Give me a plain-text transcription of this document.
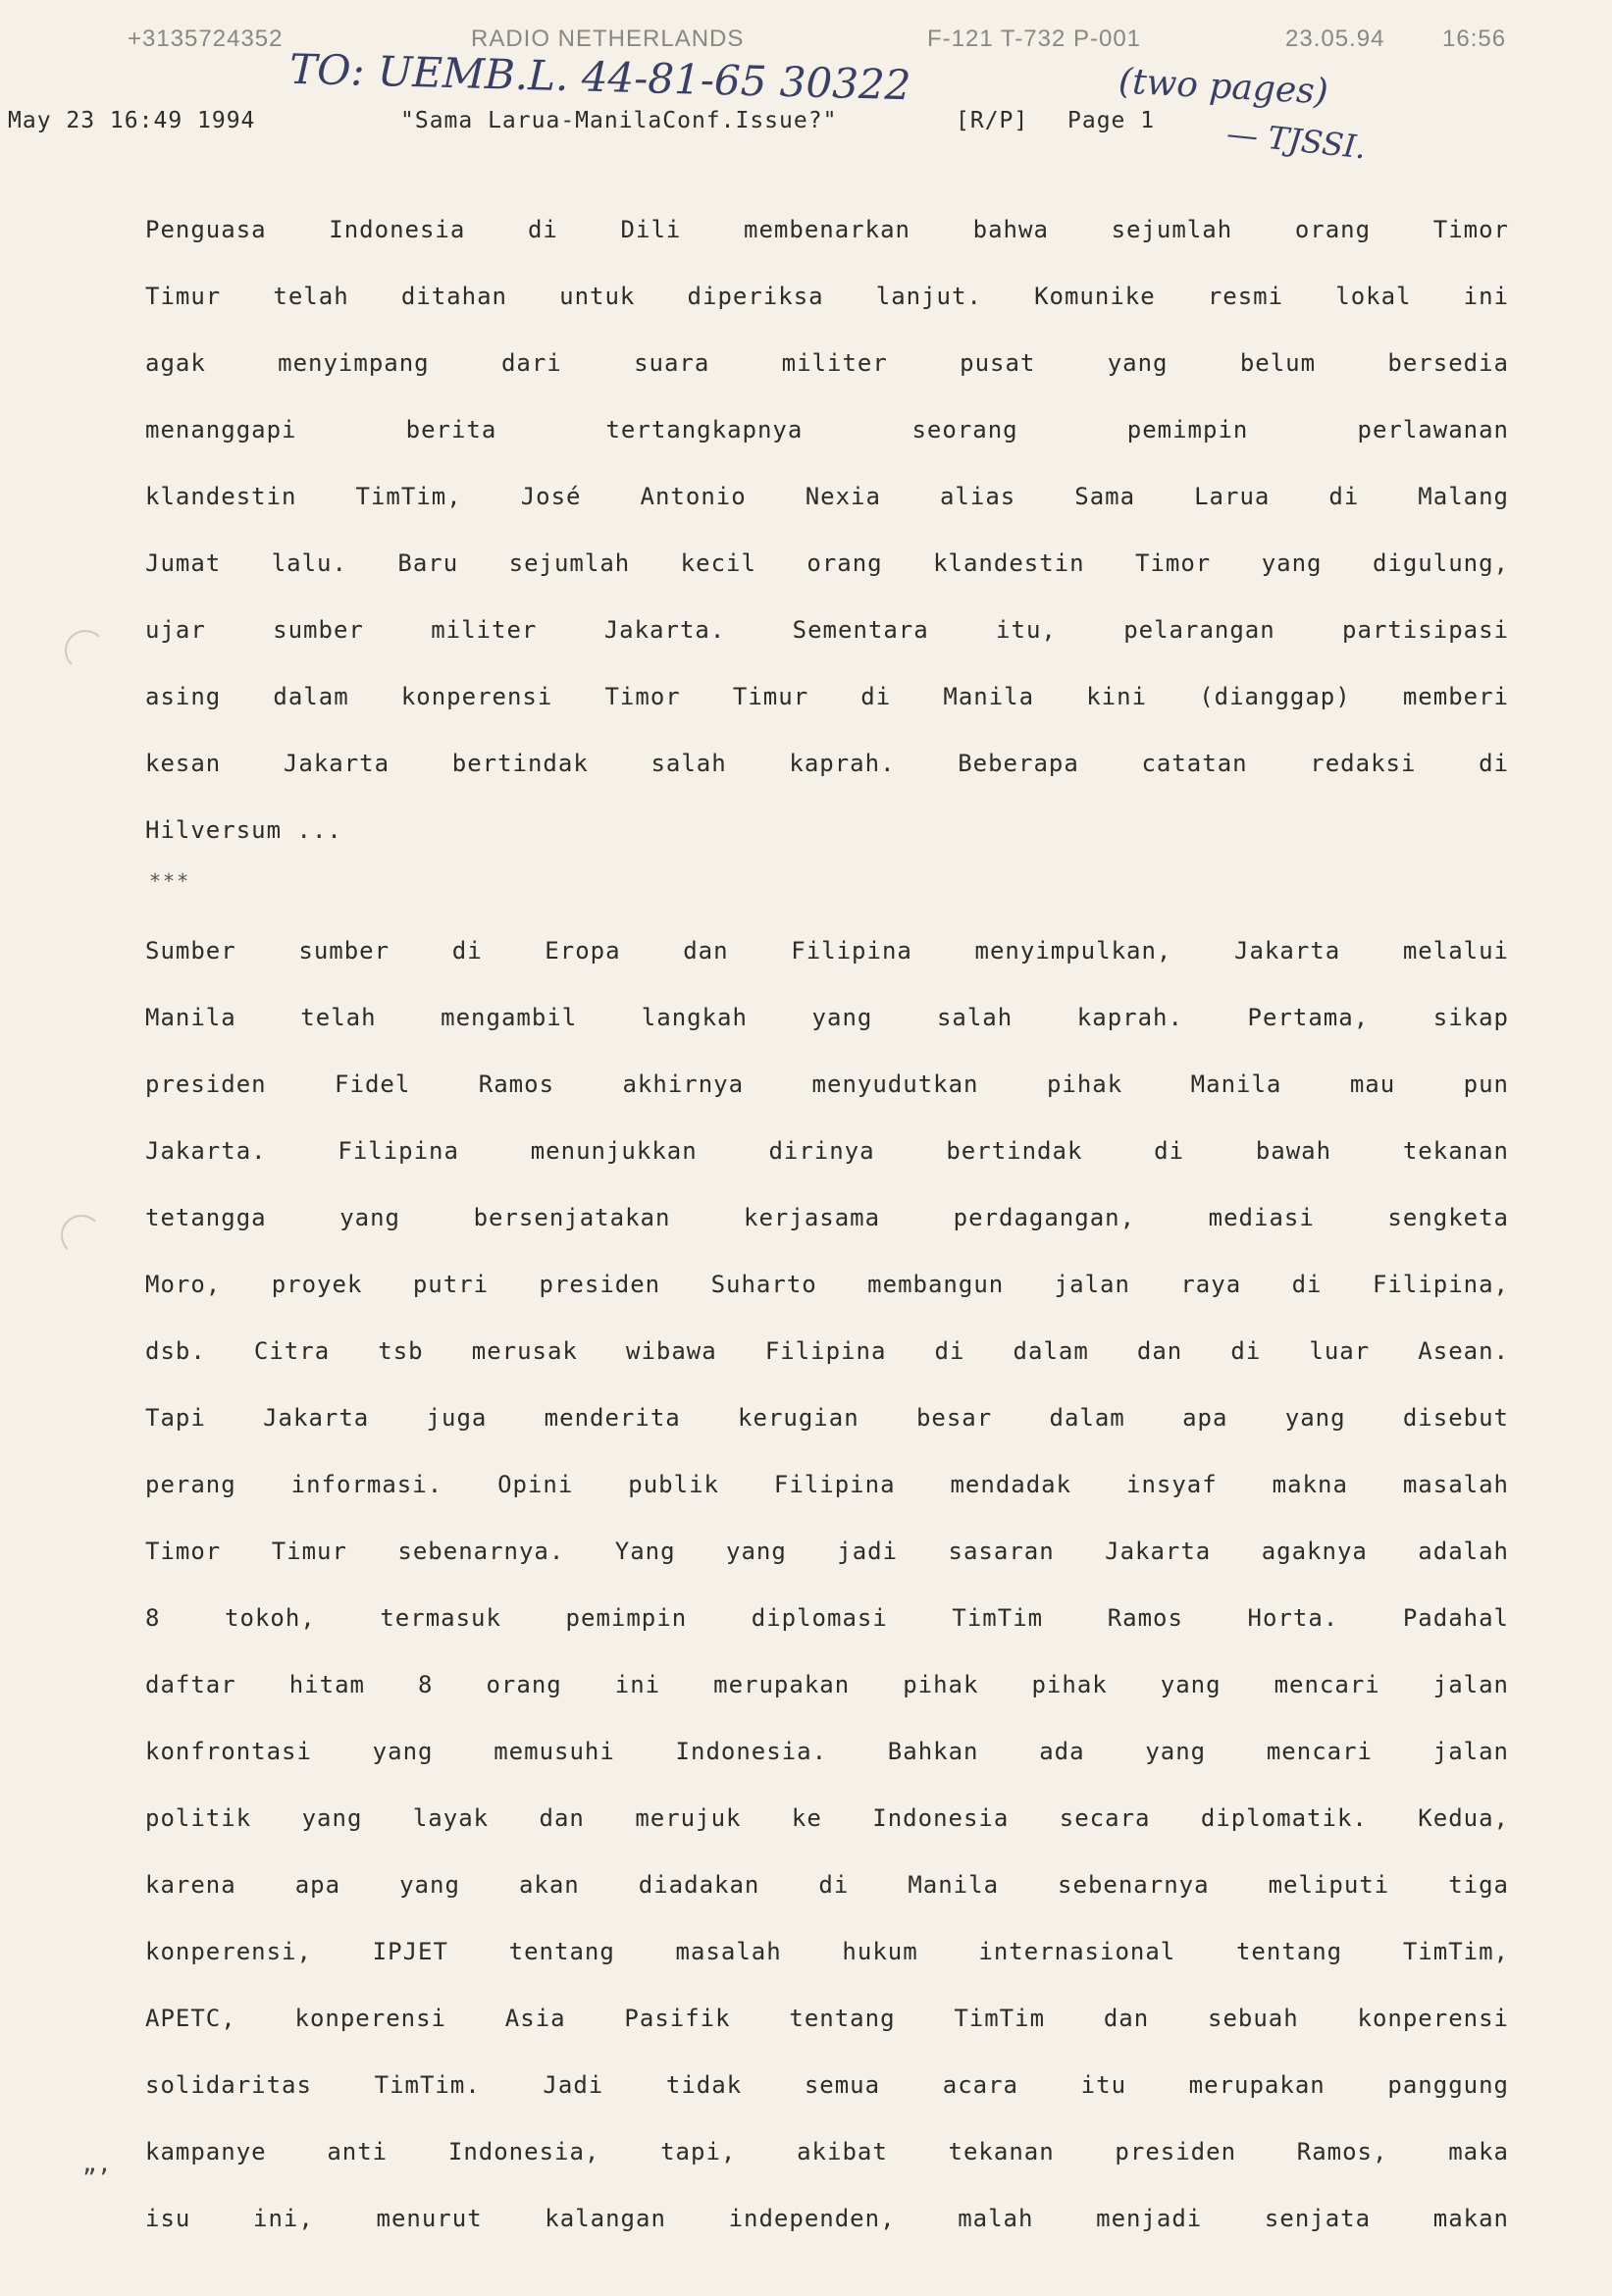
+3135724352	RADIO NETHERLANDS	F-121 T-732 P-001	23.05.94 16:56
TO: UEMB.L. 44-81-65 30322	(two pages)
— TJSSI.
May 23 16:49 1994	"Sama Larua-ManilaConf.Issue?"	[R/P] Page 1
Penguasa Indonesia di Dili membenarkan bahwa sejumlah orang Timor
Timur telah ditahan untuk diperiksa lanjut. Komunike resmi lokal ini
agak menyimpang dari suara militer pusat yang belum bersedia
menanggapi berita tertangkapnya seorang pemimpin perlawanan
klandestin TimTim, José Antonio Nexia alias Sama Larua di Malang
Jumat lalu. Baru sejumlah kecil orang klandestin Timor yang digulung,
ujar sumber militer Jakarta. Sementara itu, pelarangan partisipasi
asing dalam konperensi Timor Timur di Manila kini (dianggap) memberi
kesan Jakarta bertindak salah kaprah. Beberapa catatan redaksi di
Hilversum ...
***
Sumber sumber di Eropa dan Filipina menyimpulkan, Jakarta melalui
Manila telah mengambil langkah yang salah kaprah. Pertama, sikap
presiden Fidel Ramos akhirnya menyudutkan pihak Manila mau pun
Jakarta. Filipina menunjukkan dirinya bertindak di bawah tekanan
tetangga yang bersenjatakan kerjasama perdagangan, mediasi sengketa
Moro, proyek putri presiden Suharto membangun jalan raya di Filipina,
dsb. Citra tsb merusak wibawa Filipina di dalam dan di luar Asean.
Tapi Jakarta juga menderita kerugian besar dalam apa yang disebut
perang informasi. Opini publik Filipina mendadak insyaf makna masalah
Timor Timur sebenarnya. Yang yang jadi sasaran Jakarta agaknya adalah
8 tokoh, termasuk pemimpin diplomasi TimTim Ramos Horta. Padahal
daftar hitam 8 orang ini merupakan pihak pihak yang mencari jalan
konfrontasi yang memusuhi Indonesia. Bahkan ada yang mencari jalan
politik yang layak dan merujuk ke Indonesia secara diplomatik. Kedua,
karena apa yang akan diadakan di Manila sebenarnya meliputi tiga
konperensi, IPJET tentang masalah hukum internasional tentang TimTim,
APETC, konperensi Asia Pasifik tentang TimTim dan sebuah konperensi
solidaritas TimTim. Jadi tidak semua acara itu merupakan panggung
kampanye anti Indonesia, tapi, akibat tekanan presiden Ramos, maka
isu ini, menurut kalangan independen, malah menjadi senjata makan
”’
